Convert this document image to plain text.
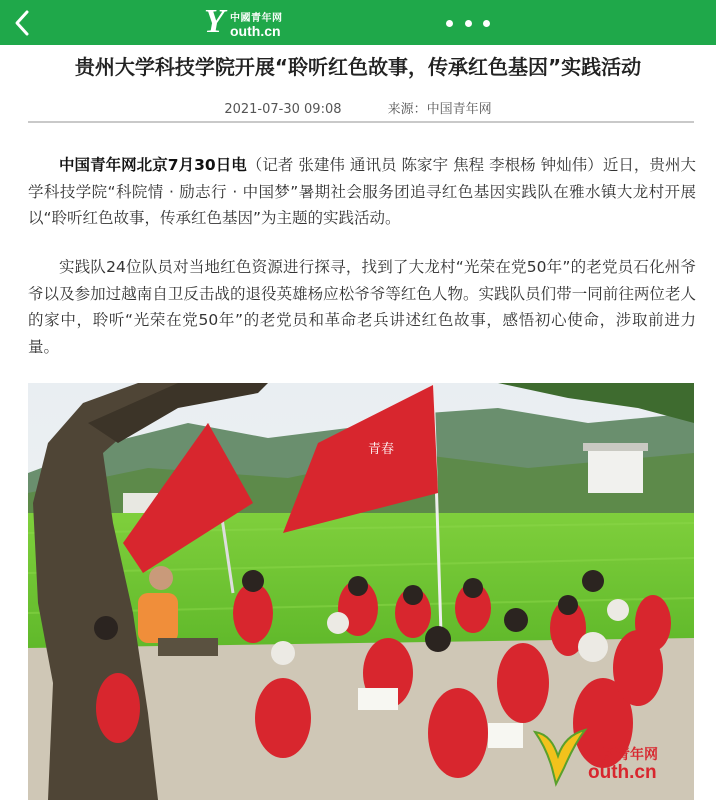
Y 中國青年网
outh.cn
贵州大学科技学院开展“聆听红色故事，传承红色基因”实践活动
2021-07-30 09:08	来源：中国青年网
中国青年网北京7月30日电（记者 张建伟 通讯员 陈家宇 焦程 李根杨 钟灿伟）近日，贵州大学科技学院“科院情 · 励志行 · 中国梦”暑期社会服务团追寻红色基因实践队在雅水镇大龙村开展以“聆听红色故事，传承红色基因”为主题的实践活动。
实践队24位队员对当地红色资源进行探寻，找到了大龙村“光荣在党50年”的老党员石化州爷爷以及参加过越南自卫反击战的退役英雄杨应松爷爷等红色人物。实践队员们带一同前往两位老人的家中，聆听“光荣在党50年”的老党员和革命老兵讲述红色故事，感悟初心使命，涉取前进力量。
青春
中國青年网
outh.cn
